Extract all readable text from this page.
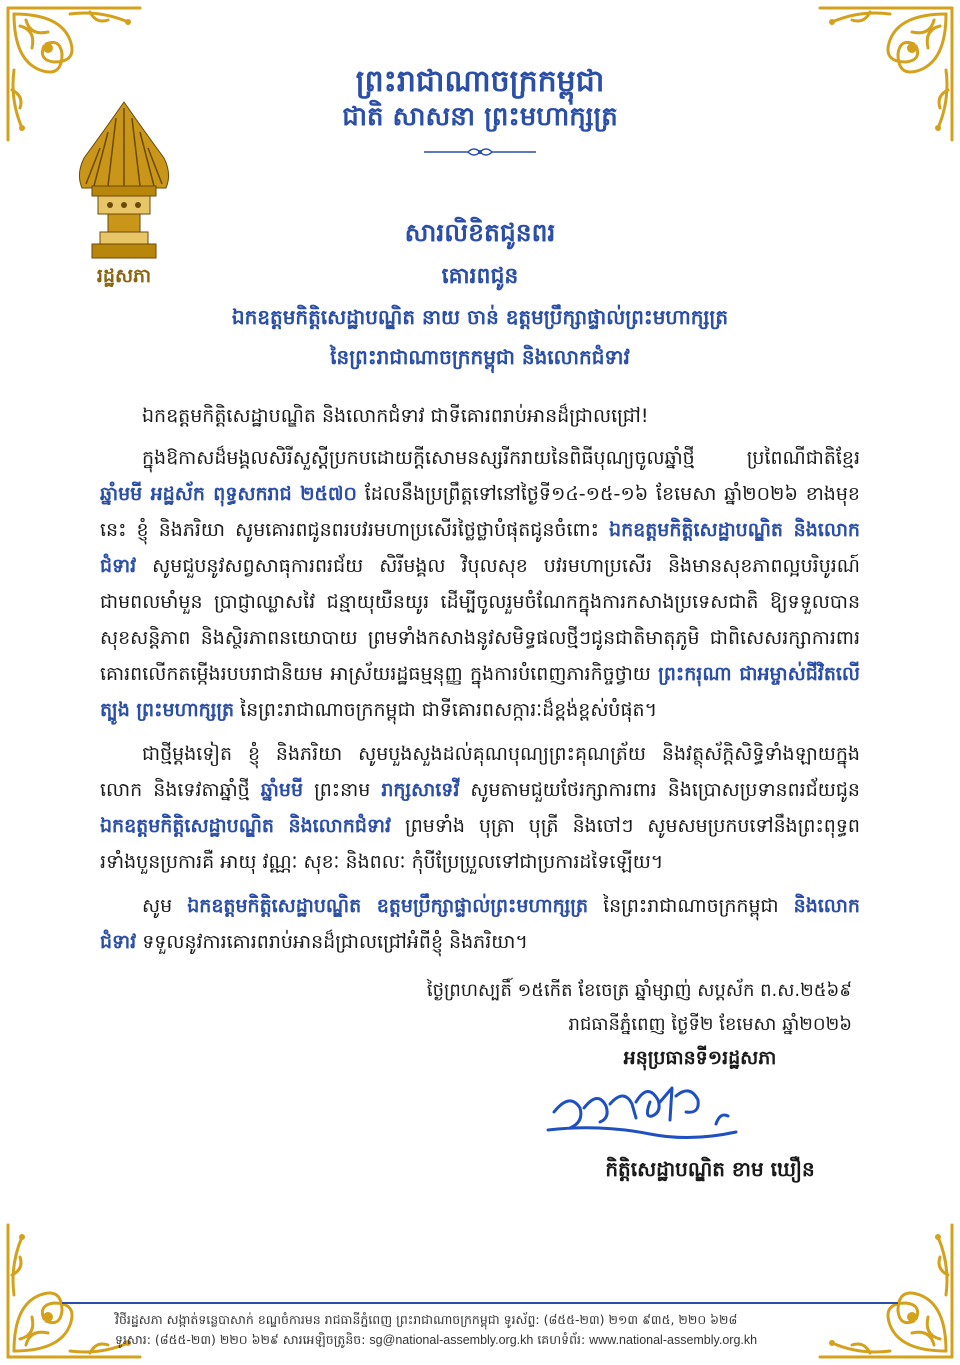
ព្រះរាជាណាចក្រកម្ពុជា
ជាតិ សាសនា ព្រះមហាក្សត្រ
រដ្ឋសភា
សារលិខិតជូនពរ
គោរពជូន
ឯកឧត្តមកិត្តិសេដ្ឋាបណ្ឌិត នាយ ចាន់ ឧត្តមប្រឹក្សាផ្ទាល់ព្រះមហាក្សត្រ
នៃព្រះរាជាណាចក្រកម្ពុជា និងលោកជំទាវ
ឯកឧត្តមកិត្តិសេដ្ឋាបណ្ឌិត និងលោកជំទាវ ជាទីគោរពរាប់អានដ៏ជ្រាលជ្រៅ!
ក្នុងឱកាសដ៏មង្គលសិរីសួស្ដីប្រកបដោយក្ដីសោមនស្សរីករាយនៃពិធីបុណ្យចូលឆ្នាំថ្មី ប្រពៃណីជាតិខ្មែរ ឆ្នាំមមី អដ្ឋស័ក ពុទ្ធសករាជ ២៥៧០ ដែលនឹងប្រព្រឹត្តទៅនៅថ្ងៃទី១៤-១៥-១៦ ខែមេសា ឆ្នាំ២០២៦ ខាងមុខនេះ ខ្ញុំ និងភរិយា សូមគោរពជូនពរបវរមហាប្រសើរថ្លៃថ្លាបំផុតជូនចំពោះ ឯកឧត្តមកិត្តិសេដ្ឋាបណ្ឌិត និងលោកជំទាវ សូមជួបនូវសព្វសាធុការពរជ័យ សិរីមង្គល វិបុលសុខ បវរមហាប្រសើរ និងមានសុខភាពល្អបរិបូរណ៍ ជាមពលមាំមួន ប្រាជ្ញាឈ្លាសវៃ ជន្មាយុយឺនយូរ ដើម្បីចូលរួមចំណែកក្នុងការកសាងប្រទេសជាតិ ឱ្យទទួលបានសុខសន្តិភាព និងស្ថិរភាពនយោបាយ ព្រមទាំងកសាងនូវសមិទ្ធផលថ្មីៗជូនជាតិមាតុភូមិ ជាពិសេសរក្សាការពារគោរពលើកតម្កើងរបបរាជានិយម អាស្រ័យរដ្ឋធម្មនុញ្ញ ក្នុងការបំពេញភារកិច្ចថ្វាយ ព្រះករុណា ជាអម្ចាស់ជីវិតលើត្បូង ព្រះមហាក្សត្រ នៃព្រះរាជាណាចក្រកម្ពុជា ជាទីគោរពសក្ការៈដ៏ខ្ពង់ខ្ពស់បំផុត។
ជាថ្មីម្ដងទៀត ខ្ញុំ និងភរិយា សូមបួងសួងដល់គុណបុណ្យព្រះគុណត្រ័យ និងវត្ថុស័ក្តិសិទ្ធិទាំងឡាយក្នុងលោក និងទេវតាឆ្នាំថ្មី ឆ្នាំមមី ព្រះនាម រាក្សសាទេវី សូមតាមជួយថែរក្សាការពារ និងប្រោសប្រទានពរជ័យជូន ឯកឧត្តមកិត្តិសេដ្ឋាបណ្ឌិត និងលោកជំទាវ ព្រមទាំង បុត្រា បុត្រី និងចៅៗ សូមសមប្រកបទៅនឹងព្រះពុទ្ធពរទាំងបួនប្រការគឺ អាយុ វណ្ណៈ សុខៈ និងពលៈ កុំបីប្រែប្រួលទៅជាប្រការដទៃឡើយ។
សូម ឯកឧត្តមកិត្តិសេដ្ឋាបណ្ឌិត ឧត្តមប្រឹក្សាផ្ទាល់ព្រះមហាក្សត្រ នៃព្រះរាជាណាចក្រកម្ពុជា និងលោកជំទាវ ទទួលនូវការគោរពរាប់អានដ៏ជ្រាលជ្រៅអំពីខ្ញុំ និងភរិយា។
ថ្ងៃព្រហស្បតិ៍ ១៥កើត ខែចេត្រ ឆ្នាំម្សាញ់ សប្តស័ក ព.ស.២៥៦៩
រាជធានីភ្នំពេញ ថ្ងៃទី២ ខែមេសា ឆ្នាំ២០២៦
អនុប្រធានទី១រដ្ឋសភា
កិត្តិសេដ្ឋាបណ្ឌិត ខាម ឃឿន
វិថីរដ្ឋសភា សង្កាត់ទន្លេបាសាក់ ខណ្ឌចំការមន រាជធានីភ្នំពេញ ព្រះរាជាណាចក្រកម្ពុជា ទូរស័ព្ទ: (៨៥៥-២៣) ២១៣ ៩៣៥, ២២០ ៦២៨
ទូរសារ: (៨៥៥-២៣) ២២០ ៦២៩ សារអេឡិចត្រូនិច: sg@national-assembly.org.kh គេហទំព័រ: www.national-assembly.org.kh
